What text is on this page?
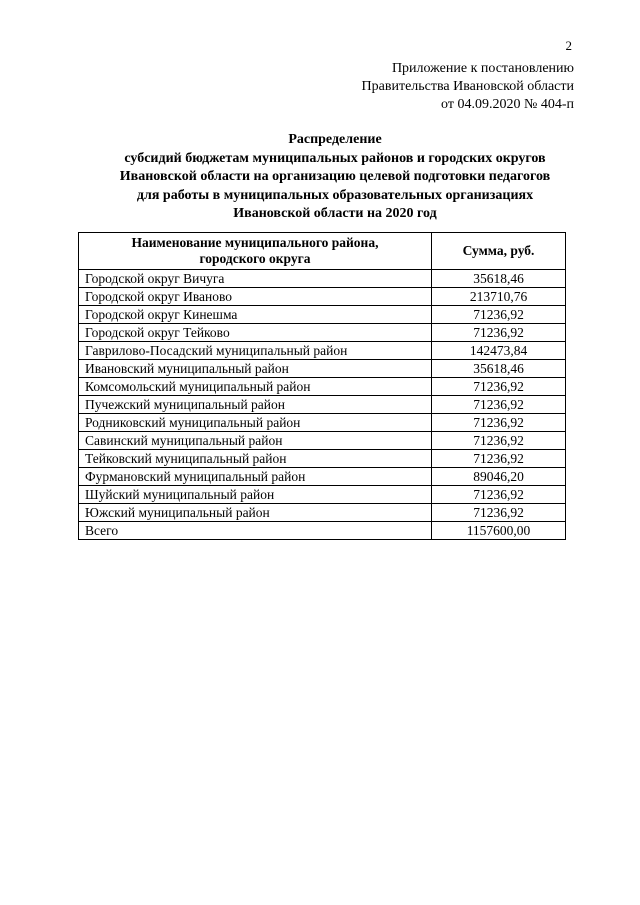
2
Приложение к постановлению
Правительства Ивановской области
от 04.09.2020 № 404-п
Распределение
субсидий бюджетам муниципальных районов и городских округов
Ивановской области на организацию целевой подготовки педагогов
для работы в муниципальных образовательных организациях
Ивановской области на 2020 год
Наименование муниципального района,
городского округа	Сумма, руб.
Городской округ Вичуга	35618,46
Городской округ Иваново	213710,76
Городской округ Кинешма	71236,92
Городской округ Тейково	71236,92
Гаврилово-Посадский муниципальный район	142473,84
Ивановский муниципальный район	35618,46
Комсомольский муниципальный район	71236,92
Пучежский муниципальный район	71236,92
Родниковский муниципальный район	71236,92
Савинский муниципальный район	71236,92
Тейковский муниципальный район	71236,92
Фурмановский муниципальный район	89046,20
Шуйский муниципальный район	71236,92
Южский муниципальный район	71236,92
Всего	1157600,00
